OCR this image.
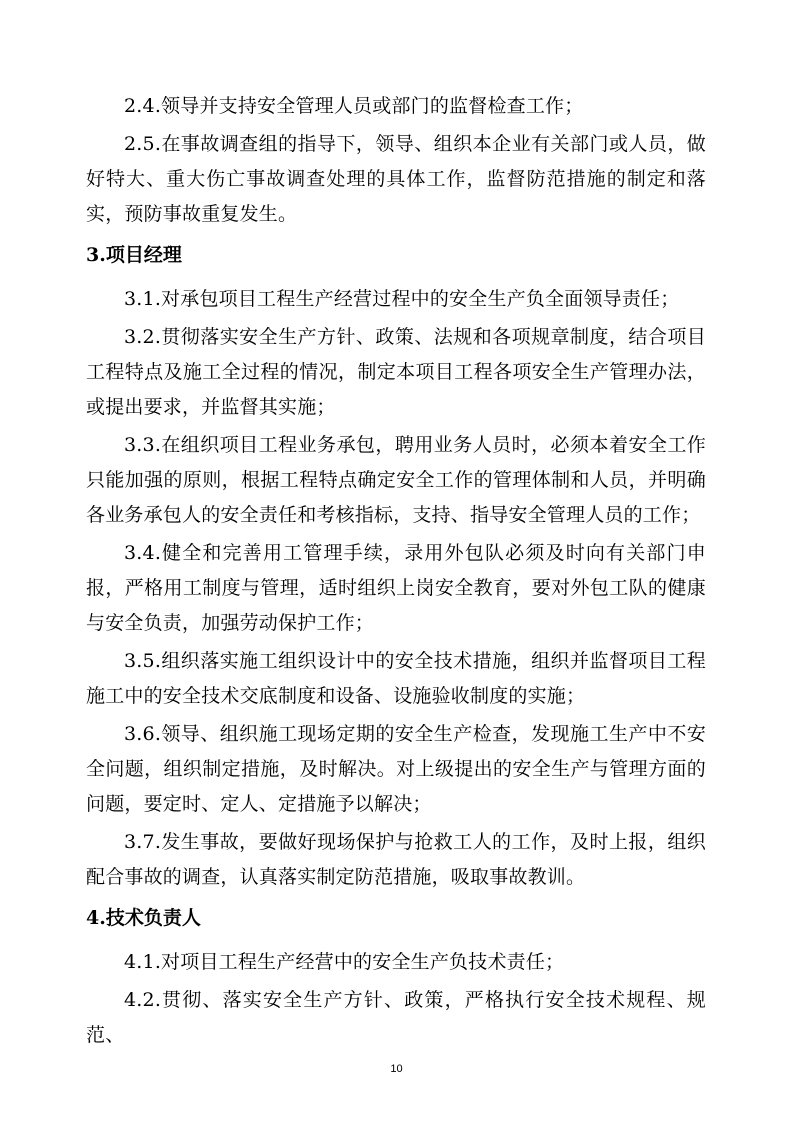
2.4.领导并支持安全管理人员或部门的监督检查工作；

2.5.在事故调查组的指导下，领导、组织本企业有关部门或人员，做好特大、重大伤亡事故调查处理的具体工作，监督防范措施的制定和落实，预防事故重复发生。

3.项目经理

3.1.对承包项目工程生产经营过程中的安全生产负全面领导责任；

3.2.贯彻落实安全生产方针、政策、法规和各项规章制度，结合项目工程特点及施工全过程的情况，制定本项目工程各项安全生产管理办法，或提出要求，并监督其实施；

3.3.在组织项目工程业务承包，聘用业务人员时，必须本着安全工作只能加强的原则，根据工程特点确定安全工作的管理体制和人员，并明确各业务承包人的安全责任和考核指标，支持、指导安全管理人员的工作；

3.4.健全和完善用工管理手续，录用外包队必须及时向有关部门申报，严格用工制度与管理，适时组织上岗安全教育，要对外包工队的健康与安全负责，加强劳动保护工作；

3.5.组织落实施工组织设计中的安全技术措施，组织并监督项目工程施工中的安全技术交底制度和设备、设施验收制度的实施；

3.6.领导、组织施工现场定期的安全生产检查，发现施工生产中不安全问题，组织制定措施，及时解决。对上级提出的安全生产与管理方面的问题，要定时、定人、定措施予以解决；

3.7.发生事故，要做好现场保护与抢救工人的工作，及时上报，组织配合事故的调查，认真落实制定防范措施，吸取事故教训。

4.技术负责人

4.1.对项目工程生产经营中的安全生产负技术责任；

4.2.贯彻、落实安全生产方针、政策，严格执行安全技术规程、规范、

10
